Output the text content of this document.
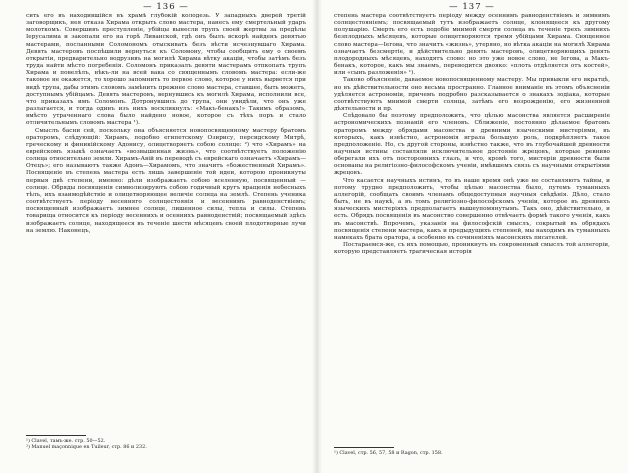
— 136 —

сить его въ находившійся въ храмѣ глубокій колодезь. У западныхъ дверей третій заговорщикъ, нея отказа Хирама открыть слово мастера, нанесъ ему смертельный ударъ молоткомъ. Совершивъ преступленіе, убійцы вынесли трупъ своей жертвы за предѣлы Іерусалима и закопали его на горѣ Ливанской, гдѣ онъ былъ вскорѣ найденъ девятью мастерами, посланными Соломономъ отыскивать безъ вѣсти исчезнувшаго Хирама. Девять мастеровъ поспѣшили вернуться къ Соломону, чтобы сообщить ему о своемъ открытіи, предварительно водрузивъ на могилѣ Хирама вѣтку акаціи, чтобы затѣмъ безъ труда найти мѣсто погребенія. Соломонъ приказалъ девяти мастерамъ отпкопать трупъ Хирама и повелѣлъ, нѣкъ-ли на всей вака со священнымъ словомъ мастера: если-же таковое не окажется, то хорошо запомнить то первое слово, которое у нихъ вырвется при видѣ трупа, дабы этимъ словомъ замѣнить прежнее слово мастера, ставшее, быть можетъ, доступнымъ убійцамъ. Девять мастеровъ, вернувшись къ могилѣ Хирама, исполнили все, что приказалъ имъ Соломонъ. Дотронувшись до трупа, они увидѣли, что онъ уже разлагается, и тогда одинъ изъ нихъ воскликнулъ: «Макъ-бенакъ!» Такимъ образомъ, вмѣсто утраченнаго слова было найдено новое, которое съ тѣхъ поръ и стало отличительнымъ словомъ мастера ¹).

Смыслъ басни сей, поскольку она объясняется новопосвященному мастеру братомъ ораторомъ, слѣдующій: Хирамъ, подобно египетскому Озирису, персидскому Митрѣ, греческому и финикійскому Адонису, олицетворяетъ собою солнце: ²) что «Хирамъ» на еврейскомъ языкѣ означаетъ «возвышенная жизнь», что соотвѣтствуетъ положенію солнца относительно земли. Хирамъ-Авій въ переводѣ съ еврейскаго означаетъ «Хирамъ—Отецъ»; его называютъ также Адонъ—Хирамомъ, что значитъ «божественный Хирамъ». Посвященіе въ степень мастера есть лишь завершеніе той идеи, которою проникнуты первыя двѣ степени, именно: дѣли изображаетъ собою вселенную, посвященный — солнце. Обряды посвященія символизируютъ собою годичный кругъ вращенія небесныхъ тѣлъ, ихъ взаимодѣйствіе и олицетворяющее величіе солнца на землѣ. Степень ученика соотвѣтствуетъ періоду весенняго солнцестоянія и весеннимъ равноденствіемъ; посвященный изображаетъ зимнее солнце, лишенное силы, тепла и силы. Степень товарища относится къ періоду весеннихъ и осеннихъ равноденствій; посвящаемый здѣсь изображаетъ солнце, находящееся въ теченіе шести мѣсяцевъ своей плодотворные лучи на землю. Наконецъ,

¹) Clavel, тамъ-же. стр. 50—52.

²) Manuel maçonnique en Tuileur, стр. 86 и 232.

— 137 —

степень мастера соотвѣтствуетъ періоду между осеннимъ равноденствіемъ и зимнимъ солнцестояніемъ; посвящаемый тутъ изображаетъ солнце, клонящееся къ другому полушарію. Смерть его есть подобіе мнимой смерти солнца въ теченіе трехъ зимнихъ безплодныхъ мѣсяцевъ, которые олицетворяются тремя убійцами Хирама. Священное слово мастера—Іегова, что значитъ «жизнь», утеряно, но вѣтка акаціи на могилѣ Хирама означаетъ безсмертіе, и дѣйствительно девять мастеровъ, олицетворяющихъ девять плодородныхъ мѣсяцевъ, находятъ слово: но это уже новое слово, не Іегова, а Макъ-бенакъ, которое, какъ мы знаемъ, переводится двояко: «плоть отдѣляется отъ костей», или «сынъ разложенія» ¹).

Таково объясненіе, даваемое новопосвященному мастеру. Мы привыкли его вкратцѣ, но въ дѣйствительности оно весьма пространно. Главное вниманіе въ этомъ объясненіи удѣляется астрономіи, причемъ подробно разсказывается о знакахъ зодіака, которые соотвѣтствуютъ мнимой смерти солнца, затѣмъ его возрожденію, его жизненной дѣятельности и пр.

Слѣдовало бы поэтому предположить, что цѣлью масонства является расширеніе астрономическихъ познаній его членовъ. Сближеніе, постоянно дѣлаемое братомъ ораторомъ между обрядами масонства и древними языческими мистеріями, въ которыхъ, какъ извѣстно, астрономія играла большую роль, подкрѣпляетъ такое предположеніе. Но, съ другой стороны, извѣстно также, что въ глубочайшей древности научныя истины составляли исключительное достояніе жрецовъ, которые ревниво оберегали ихъ отъ постороннихъ глазъ, и что, кромѣ того, мистеріи древности были основаны на религіозно-философскомъ ученіи, имѣвшемъ связь съ научными открытіями жрецовъ.

Что касается научныхъ истинъ, то въ наше время онѣ уже не составляютъ тайны, и потому трудно предположить, чтобы цѣлью масонства было, путемъ туманныхъ аллегорій, сообщать своимъ членамъ общедоступныя научныя свѣдѣнія. Дѣло, стало быть, не въ наукѣ, а въ томъ религіозно-философскомъ ученіи, которое въ древнихъ языческихъ мистеріяхъ предполагаетъ вышеупомянутымъ. Такъ оно, дѣйствительно, и есть. Обрядъ посвященія въ масонство совершенно отвѣчаетъ формѣ такого ученія, какъ въ масонствѣ. Впрочемъ, указанія на философскій смыслъ, сокрытый въ обрядахъ посвященія степени мастера, какъ и предыдущихъ степеней, мы находимъ въ туманныхъ намекахъ брата оратора, а особенно въ сочиненіяхъ масонскихъ писателей.

Постараемся-же, съ ихъ помощью, проникнуть въ сокровенный смыслъ той аллегоріи, которую представляетъ трагическая исторія

¹) Clavel, стр. 56, 57, 58 и Ragon, стр. 158.
